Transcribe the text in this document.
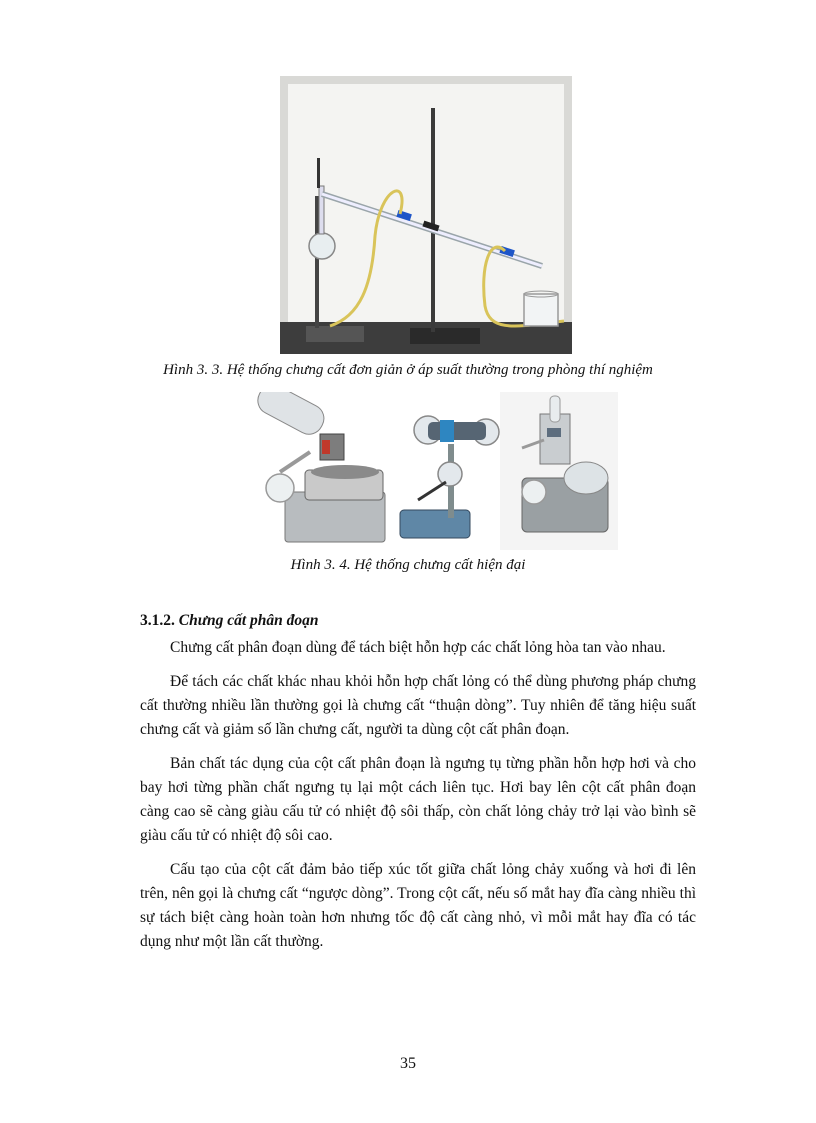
Hình 3. 3. Hệ thống chưng cất đơn giản ở áp suất thường trong phòng thí nghiệm
Hình 3. 4. Hệ thống chưng cất hiện đại
3.1.2. Chưng cất phân đoạn

Chưng cất phân đoạn dùng để tách biệt hỗn hợp các chất lỏng hòa tan vào nhau.

Để tách các chất khác nhau khỏi hỗn hợp chất lỏng có thể dùng phương pháp chưng cất thường nhiều lần thường gọi là chưng cất “thuận dòng”. Tuy nhiên để tăng hiệu suất chưng cất và giảm số lần chưng cất, người ta dùng cột cất phân đoạn.

Bản chất tác dụng của cột cất phân đoạn là ngưng tụ từng phần hỗn hợp hơi và cho bay hơi từng phần chất ngưng tụ lại một cách liên tục. Hơi bay lên cột cất phân đoạn càng cao sẽ càng giàu cấu tử có nhiệt độ sôi thấp, còn chất lỏng chảy trở lại vào bình sẽ giàu cấu tử có nhiệt độ sôi cao.

Cấu tạo của cột cất đảm bảo tiếp xúc tốt giữa chất lỏng chảy xuống và hơi đi lên trên, nên gọi là chưng cất “ngược dòng”. Trong cột cất, nếu số mắt hay đĩa càng nhiều thì sự tách biệt càng hoàn toàn hơn nhưng tốc độ cất càng nhỏ, vì mỗi mắt hay đĩa có tác dụng như một lần cất thường.

35
